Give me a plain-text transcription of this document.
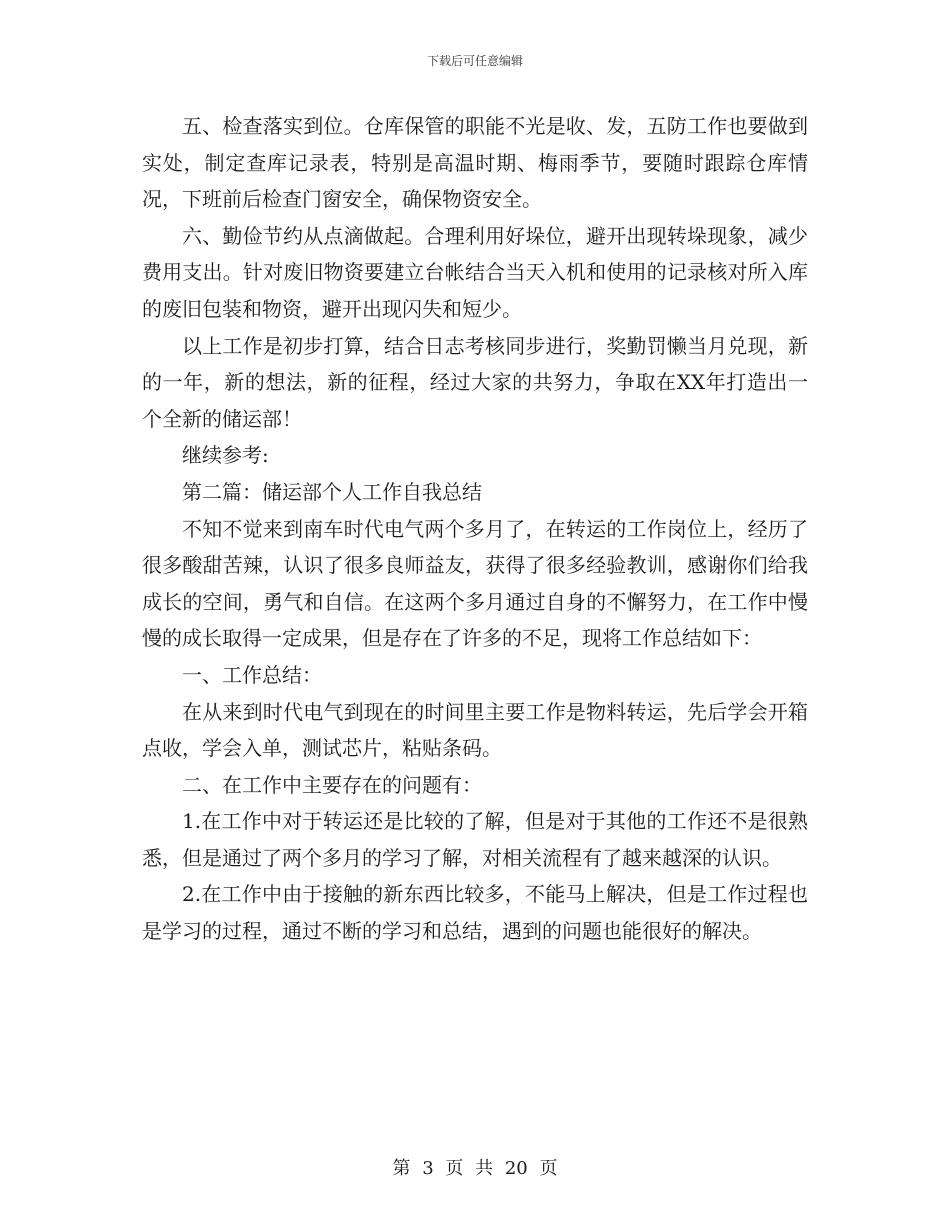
下载后可任意编辑

五、检查落实到位。仓库保管的职能不光是收、发，五防工作也要做到实处，制定查库记录表，特别是高温时期、梅雨季节，要随时跟踪仓库情况，下班前后检查门窗安全，确保物资安全。

六、勤俭节约从点滴做起。合理利用好垛位，避开出现转垛现象，减少费用支出。针对废旧物资要建立台帐结合当天入机和使用的记录核对所入库的废旧包装和物资，避开出现闪失和短少。

以上工作是初步打算，结合日志考核同步进行，奖勤罚懒当月兑现，新的一年，新的想法，新的征程，经过大家的共努力，争取在XX年打造出一个全新的储运部！

继续参考:

第二篇：储运部个人工作自我总结

不知不觉来到南车时代电气两个多月了，在转运的工作岗位上，经历了很多酸甜苦辣，认识了很多良师益友，获得了很多经验教训，感谢你们给我成长的空间，勇气和自信。在这两个多月通过自身的不懈努力，在工作中慢慢的成长取得一定成果，但是存在了许多的不足，现将工作总结如下：

一、工作总结：

在从来到时代电气到现在的时间里主要工作是物料转运，先后学会开箱点收，学会入单，测试芯片，粘贴条码。

二、在工作中主要存在的问题有：

1.在工作中对于转运还是比较的了解，但是对于其他的工作还不是很熟悉，但是通过了两个多月的学习了解，对相关流程有了越来越深的认识。

2.在工作中由于接触的新东西比较多，不能马上解决，但是工作过程也是学习的过程，通过不断的学习和总结，遇到的问题也能很好的解决。

第 3 页 共 20 页
